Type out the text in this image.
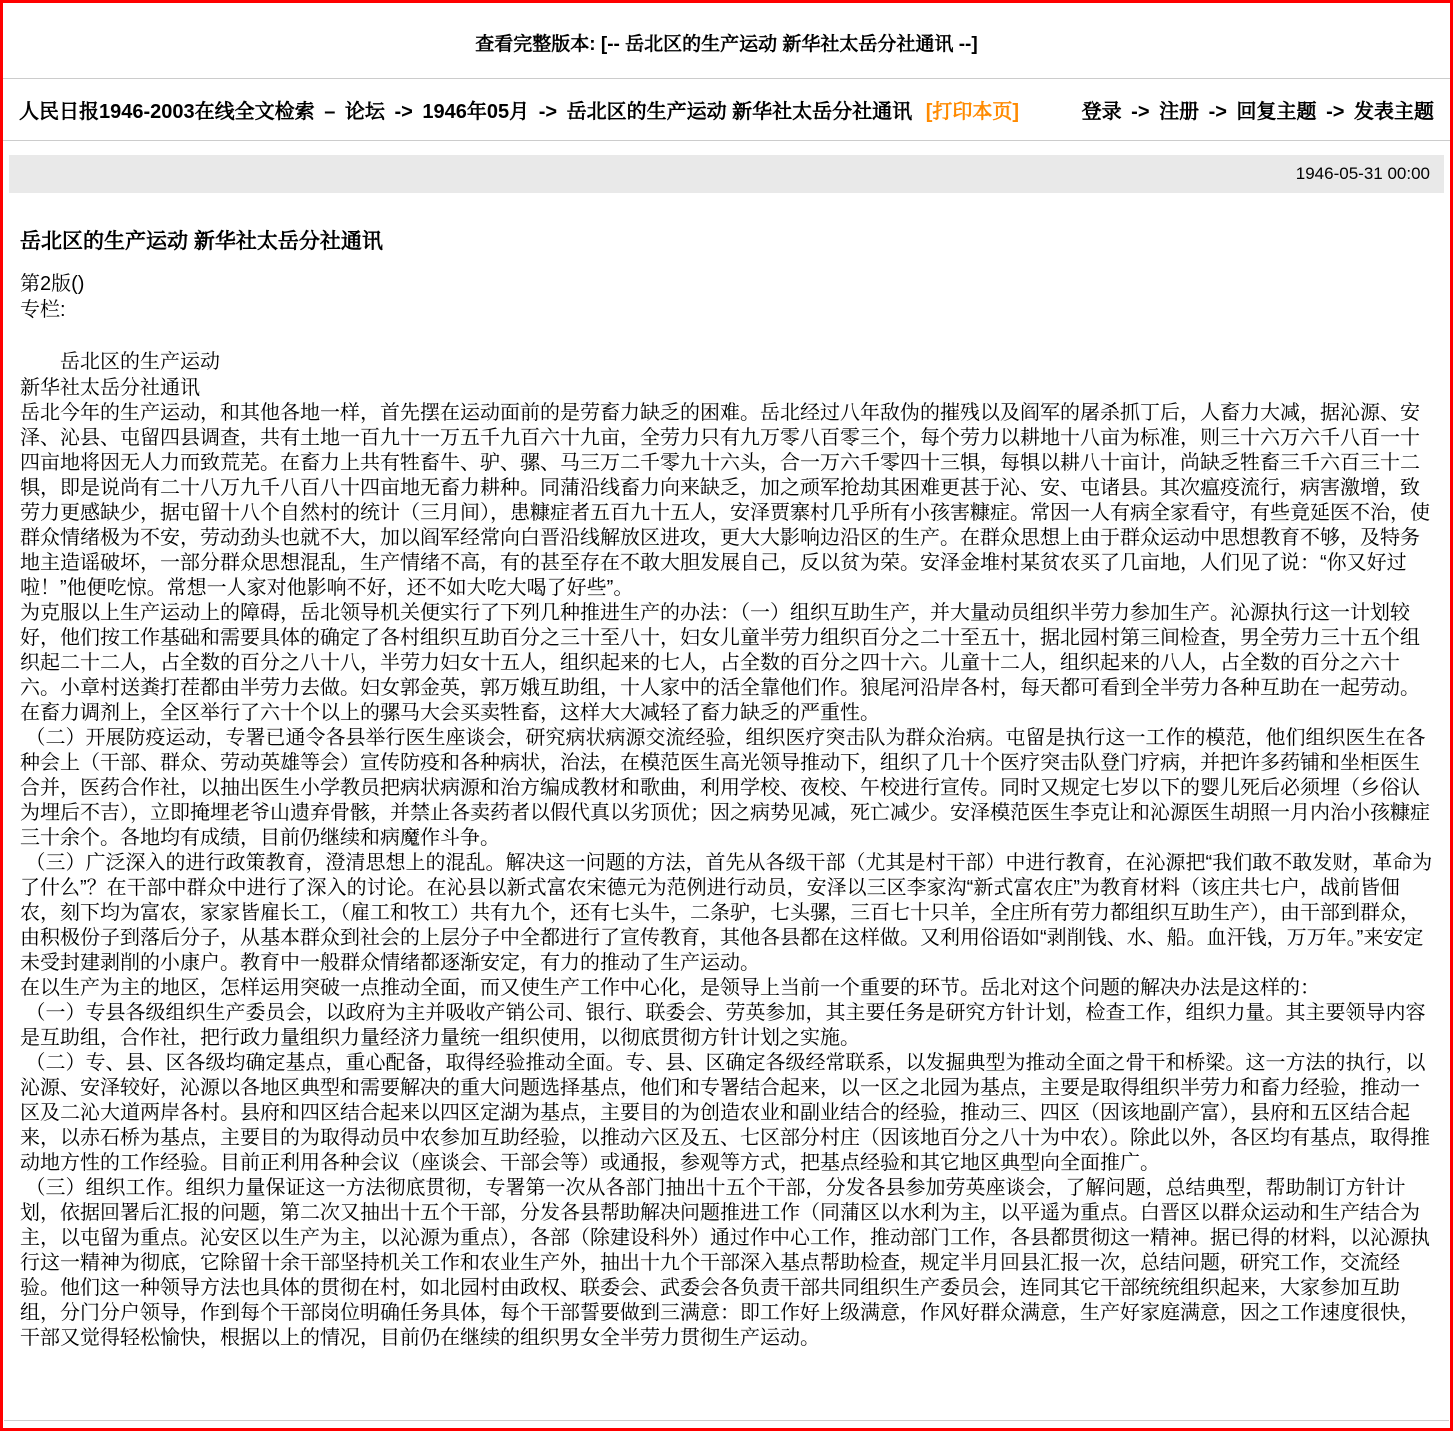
查看完整版本: [-- 岳北区的生产运动 新华社太岳分社通讯 --]
人民日报1946-2003在线全文检索 – 论坛 -> 1946年05月 -> 岳北区的生产运动 新华社太岳分社通讯 [打印本页]	登录 -> 注册 -> 回复主题 -> 发表主题
1946-05-31 00:00
岳北区的生产运动 新华社太岳分社通讯
第2版()
专栏:
　　岳北区的生产运动
新华社太岳分社通讯
岳北今年的生产运动，和其他各地一样，首先摆在运动面前的是劳畜力缺乏的困难。岳北经过八年敌伪的摧残以及阎军的屠杀抓丁后，人畜力大减，据沁源、安泽、沁县、屯留四县调查，共有土地一百九十一万五千九百六十九亩，全劳力只有九万零八百零三个，每个劳力以耕地十八亩为标准，则三十六万六千八百一十四亩地将因无人力而致荒芜。在畜力上共有牲畜牛、驴、骡、马三万二千零九十六头，合一万六千零四十三犋，每犋以耕八十亩计，尚缺乏牲畜三千六百三十二犋，即是说尚有二十八万九千八百八十四亩地无畜力耕种。同蒲沿线畜力向来缺乏，加之顽军抢劫其困难更甚于沁、安、屯诸县。其次瘟疫流行，病害激增，致劳力更感缺少，据屯留十八个自然村的统计（三月间），患糠症者五百九十五人，安泽贾寨村几乎所有小孩害糠症。常因一人有病全家看守，有些竟延医不治，使群众情绪极为不安，劳动劲头也就不大，加以阎军经常向白晋沿线解放区进攻，更大大影响边沿区的生产。在群众思想上由于群众运动中思想教育不够，及特务地主造谣破坏，一部分群众思想混乱，生产情绪不高，有的甚至存在不敢大胆发展自己，反以贫为荣。安泽金堆村某贫农买了几亩地，人们见了说：“你又好过啦！”他便吃惊。常想一人家对他影响不好，还不如大吃大喝了好些”。
为克服以上生产运动上的障碍，岳北领导机关便实行了下列几种推进生产的办法：（一）组织互助生产，并大量动员组织半劳力参加生产。沁源执行这一计划较好，他们按工作基础和需要具体的确定了各村组织互助百分之三十至八十，妇女儿童半劳力组织百分之二十至五十，据北园村第三间检查，男全劳力三十五个组织起二十二人，占全数的百分之八十八，半劳力妇女十五人，组织起来的七人，占全数的百分之四十六。儿童十二人，组织起来的八人，占全数的百分之六十六。小章村送粪打茬都由半劳力去做。妇女郭金英，郭万娥互助组，十人家中的活全靠他们作。狼尾河沿岸各村，每天都可看到全半劳力各种互助在一起劳动。在畜力调剂上，全区举行了六十个以上的骡马大会买卖牲畜，这样大大减轻了畜力缺乏的严重性。
（二）开展防疫运动，专署已通令各县举行医生座谈会，研究病状病源交流经验，组织医疗突击队为群众治病。屯留是执行这一工作的模范，他们组织医生在各种会上（干部、群众、劳动英雄等会）宣传防疫和各种病状，治法，在模范医生高光领导推动下，组织了几十个医疗突击队登门疗病，并把许多药铺和坐柜医生合并，医药合作社，以抽出医生小学教员把病状病源和治方编成教材和歌曲，利用学校、夜校、午校进行宣传。同时又规定七岁以下的婴儿死后必须埋（乡俗认为埋后不吉），立即掩埋老爷山遗弃骨骸，并禁止各卖药者以假代真以劣顶优；因之病势见减，死亡减少。安泽模范医生李克让和沁源医生胡照一月内治小孩糠症三十余个。各地均有成绩，目前仍继续和病魔作斗争。
（三）广泛深入的进行政策教育，澄清思想上的混乱。解决这一问题的方法，首先从各级干部（尤其是村干部）中进行教育，在沁源把“我们敢不敢发财，革命为了什么”？在干部中群众中进行了深入的讨论。在沁县以新式富农宋德元为范例进行动员，安泽以三区李家沟“新式富农庄”为教育材料（该庄共七户，战前皆佃农，刻下均为富农，家家皆雇长工，（雇工和牧工）共有九个，还有七头牛，二条驴，七头骡，三百七十只羊，全庄所有劳力都组织互助生产），由干部到群众，由积极份子到落后分子，从基本群众到社会的上层分子中全都进行了宣传教育，其他各县都在这样做。又利用俗语如“剥削钱、水、船。血汗钱，万万年。”来安定未受封建剥削的小康户。教育中一般群众情绪都逐渐安定，有力的推动了生产运动。
在以生产为主的地区，怎样运用突破一点推动全面，而又使生产工作中心化，是领导上当前一个重要的环节。岳北对这个问题的解决办法是这样的：
（一）专县各级组织生产委员会，以政府为主并吸收产销公司、银行、联委会、劳英参加，其主要任务是研究方针计划，检查工作，组织力量。其主要领导内容是互助组，合作社，把行政力量组织力量经济力量统一组织使用，以彻底贯彻方针计划之实施。
（二）专、县、区各级均确定基点，重心配备，取得经验推动全面。专、县、区确定各级经常联系，以发掘典型为推动全面之骨干和桥梁。这一方法的执行，以沁源、安泽较好，沁源以各地区典型和需要解决的重大问题选择基点，他们和专署结合起来，以一区之北园为基点，主要是取得组织半劳力和畜力经验，推动一区及二沁大道两岸各村。县府和四区结合起来以四区定湖为基点，主要目的为创造农业和副业结合的经验，推动三、四区（因该地副产富），县府和五区结合起来，以赤石桥为基点，主要目的为取得动员中农参加互助经验，以推动六区及五、七区部分村庄（因该地百分之八十为中农）。除此以外，各区均有基点，取得推动地方性的工作经验。目前正利用各种会议（座谈会、干部会等）或通报，参观等方式，把基点经验和其它地区典型向全面推广。
（三）组织工作。组织力量保证这一方法彻底贯彻，专署第一次从各部门抽出十五个干部，分发各县参加劳英座谈会，了解问题，总结典型，帮助制订方针计划，依据回署后汇报的问题，第二次又抽出十五个干部，分发各县帮助解决问题推进工作（同蒲区以水利为主，以平遥为重点。白晋区以群众运动和生产结合为主，以屯留为重点。沁安区以生产为主，以沁源为重点），各部（除建设科外）通过作中心工作，推动部门工作，各县都贯彻这一精神。据已得的材料，以沁源执行这一精神为彻底，它除留十余干部坚持机关工作和农业生产外，抽出十九个干部深入基点帮助检查，规定半月回县汇报一次，总结问题，研究工作，交流经验。他们这一种领导方法也具体的贯彻在村，如北园村由政权、联委会、武委会各负责干部共同组织生产委员会，连同其它干部统统组织起来，大家参加互助组，分门分户领导，作到每个干部岗位明确任务具体，每个干部誓要做到三满意：即工作好上级满意，作风好群众满意，生产好家庭满意，因之工作速度很快，干部又觉得轻松愉快，根据以上的情况，目前仍在继续的组织男女全半劳力贯彻生产运动。
